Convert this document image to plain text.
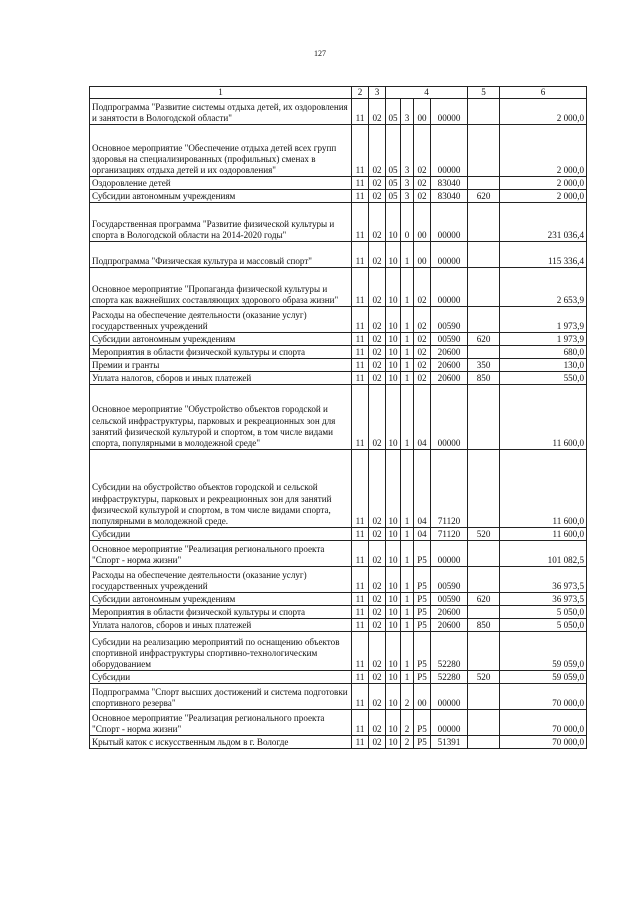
127
1	2	3	4				5	6
Подпрограмма "Развитие системы отдыха детей, их оздоровления и занятости в Вологодской области"	11	02	05	3	00	00000		2 000,0
Основное мероприятие "Обеспечение отдыха детей всех групп здоровья на специализированных (профильных) сменах в организациях отдыха детей и их оздоровления"	11	02	05	3	02	00000		2 000,0
Оздоровление детей	11	02	05	3	02	83040		2 000,0
Субсидии автономным учреждениям	11	02	05	3	02	83040	620	2 000,0
Государственная программа "Развитие физической культуры и спорта в Вологодской области на 2014-2020 годы"	11	02	10	0	00	00000		231 036,4
Подпрограмма "Физическая культура и массовый спорт"	11	02	10	1	00	00000		115 336,4
Основное мероприятие "Пропаганда физической культуры и спорта как важнейших составляющих здорового образа жизни"	11	02	10	1	02	00000		2 653,9
Расходы на обеспечение деятельности (оказание услуг) государственных учреждений	11	02	10	1	02	00590		1 973,9
Субсидии автономным учреждениям	11	02	10	1	02	00590	620	1 973,9
Мероприятия в области физической культуры и спорта	11	02	10	1	02	20600		680,0
Премии и гранты	11	02	10	1	02	20600	350	130,0
Уплата налогов, сборов и иных платежей	11	02	10	1	02	20600	850	550,0
Основное мероприятие "Обустройство объектов городской и сельской инфраструктуры, парковых и рекреационных зон для занятий физической культурой и спортом, в том числе видами спорта, популярными в молодежной среде"	11	02	10	1	04	00000		11 600,0
Субсидии на обустройство объектов городской и сельской инфраструктуры, парковых и рекреационных зон для занятий физической культурой и спортом, в том числе видами спорта, популярными в молодежной среде.	11	02	10	1	04	71120		11 600,0
Субсидии	11	02	10	1	04	71120	520	11 600,0
Основное мероприятие "Реализация регионального проекта "Спорт - норма жизни"	11	02	10	1	P5	00000		101 082,5
Расходы на обеспечение деятельности (оказание услуг) государственных учреждений	11	02	10	1	P5	00590		36 973,5
Субсидии автономным учреждениям	11	02	10	1	P5	00590	620	36 973,5
Мероприятия в области физической культуры и спорта	11	02	10	1	P5	20600		5 050,0
Уплата налогов, сборов и иных платежей	11	02	10	1	P5	20600	850	5 050,0
Субсидии на реализацию мероприятий по оснащению объектов спортивной инфраструктуры спортивно-технологическим оборудованием	11	02	10	1	P5	52280		59 059,0
Субсидии	11	02	10	1	P5	52280	520	59 059,0
Подпрограмма "Спорт высших достижений и система подготовки спортивного резерва"	11	02	10	2	00	00000		70 000,0
Основное мероприятие "Реализация регионального проекта "Спорт - норма жизни"	11	02	10	2	P5	00000		70 000,0
Крытый каток с искусственным льдом в г. Вологде	11	02	10	2	P5	51391		70 000,0
